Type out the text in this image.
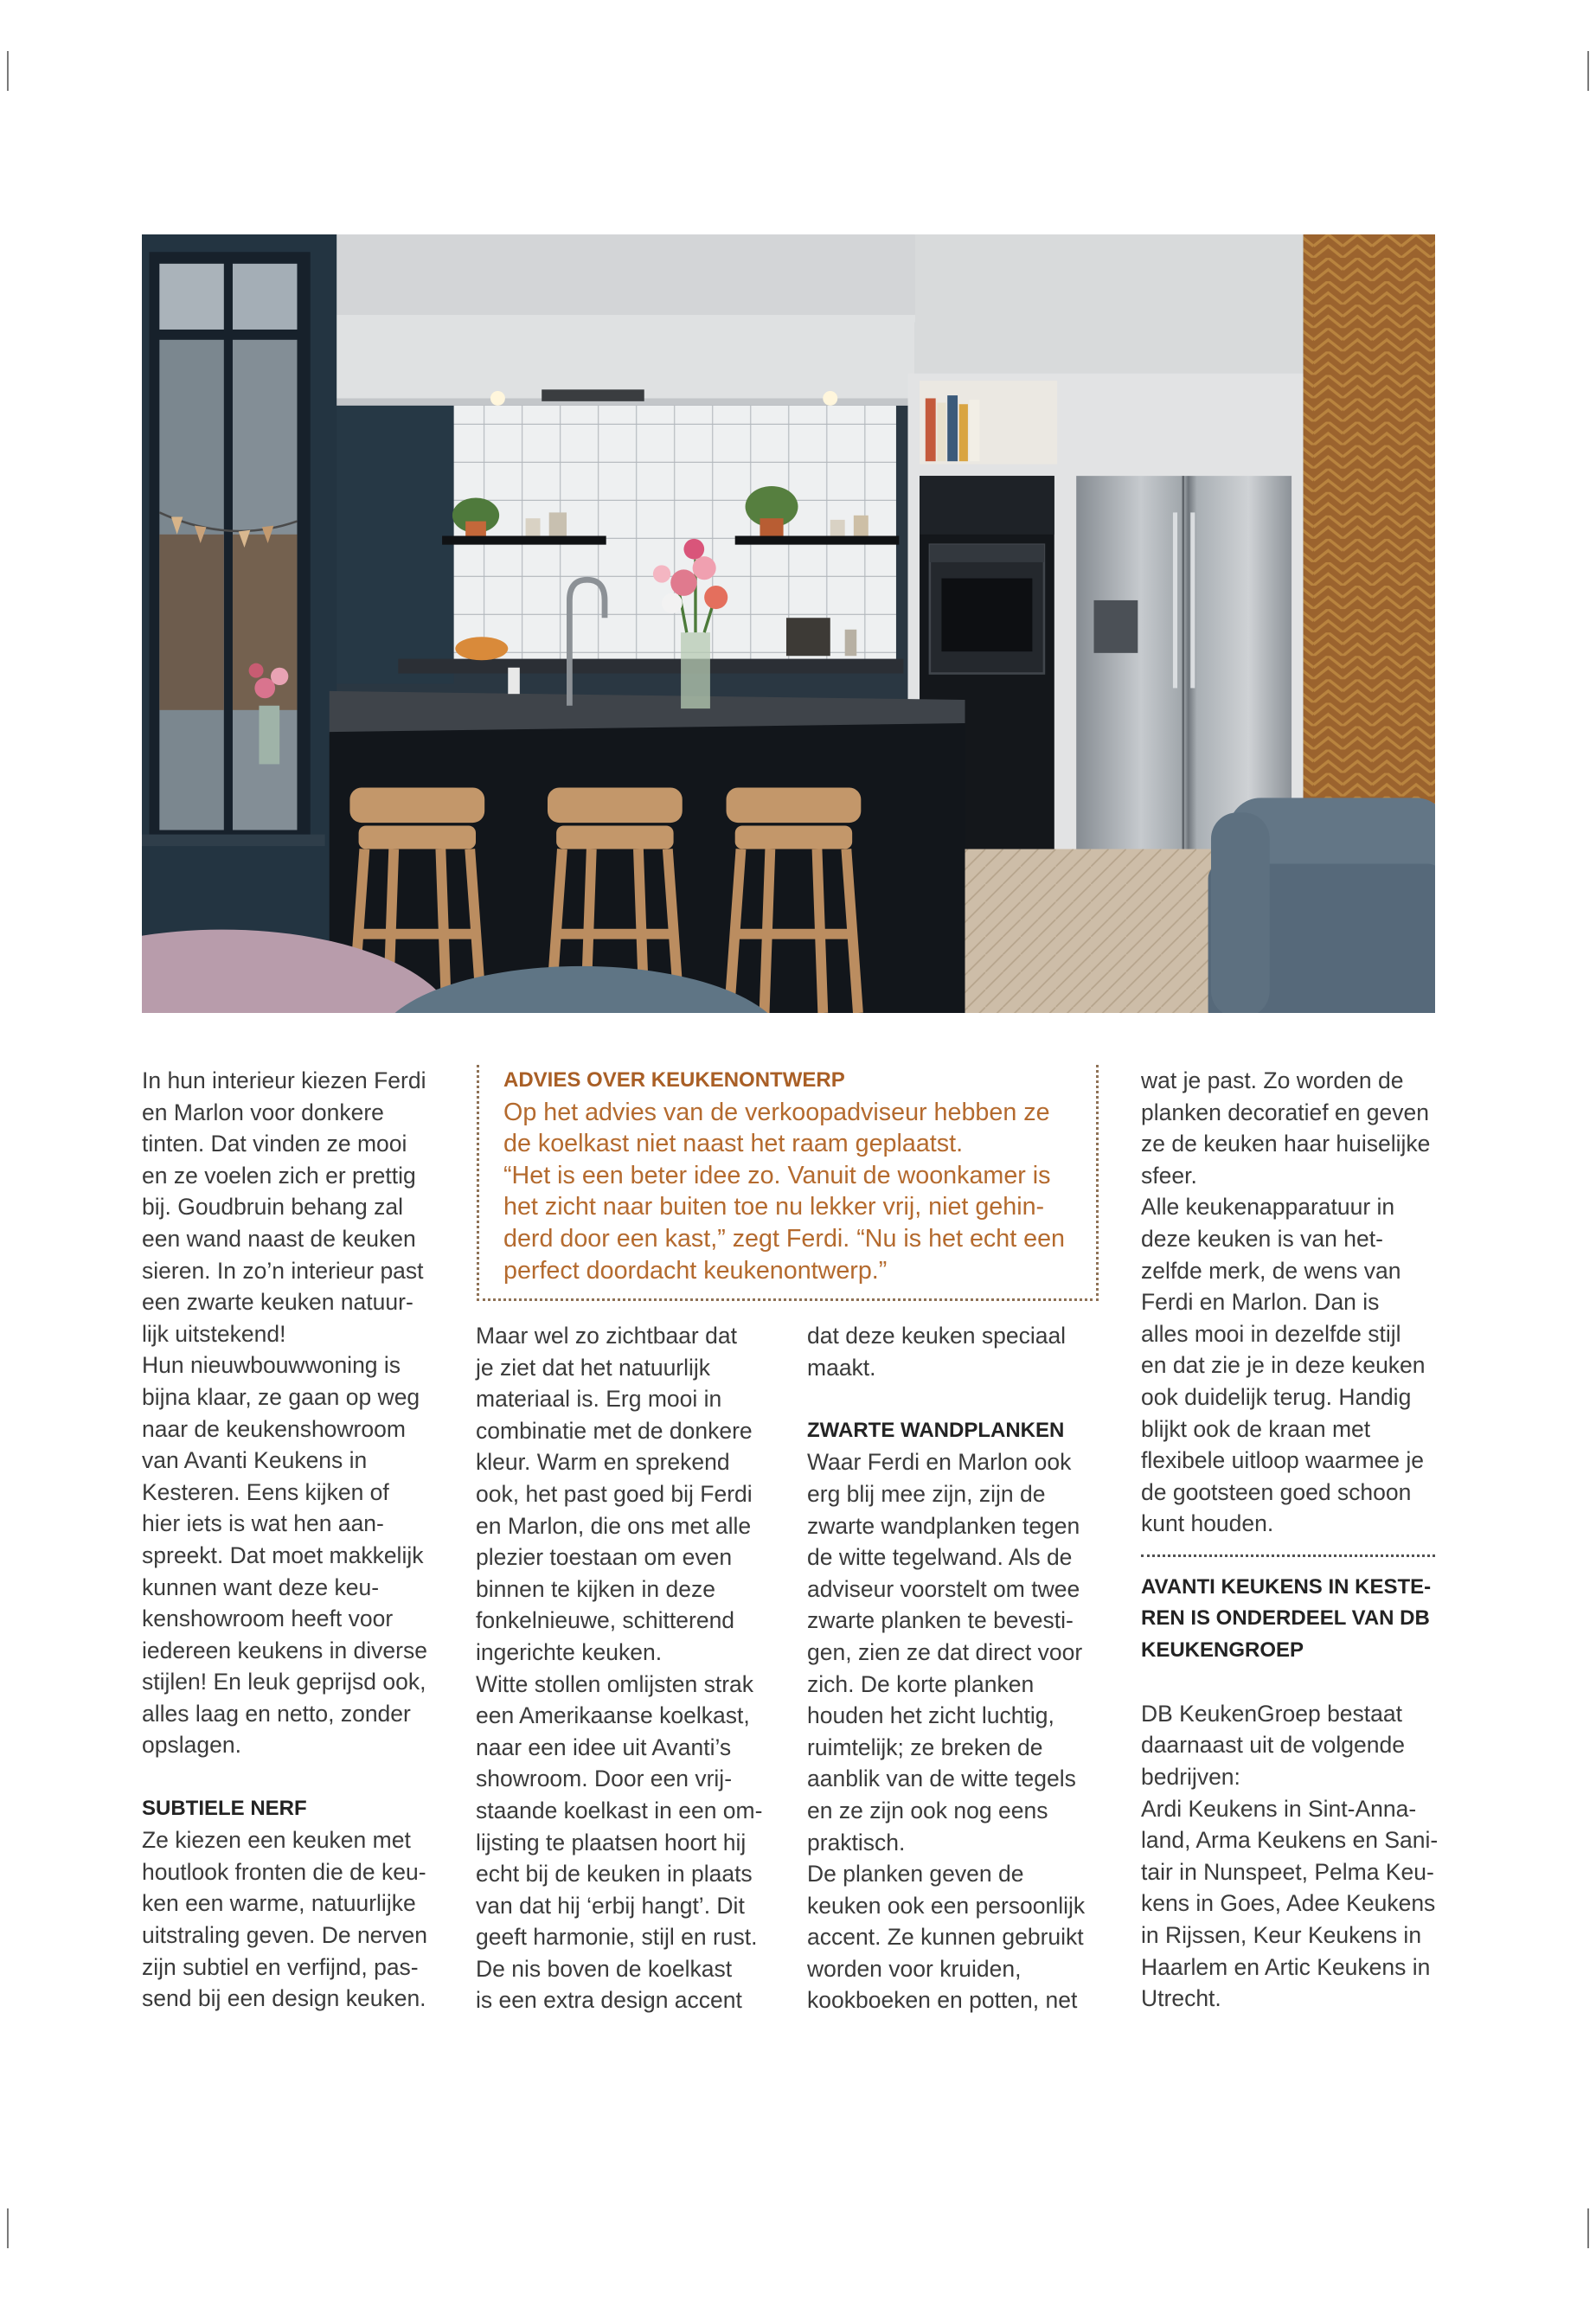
In hun interieur kiezen Ferdi
en Marlon voor donkere
tinten. Dat vinden ze mooi
en ze voelen zich er prettig
bij. Goudbruin behang zal
een wand naast de keuken
sieren. In zo’n interieur past
een zwarte keuken natuur-
lijk uitstekend!
Hun nieuwbouwwoning is
bijna klaar, ze gaan op weg
naar de keukenshowroom
van Avanti Keukens in
Kesteren. Eens kijken of
hier iets is wat hen aan-
spreekt. Dat moet makkelijk
kunnen want deze keu-
kenshowroom heeft voor
iedereen keukens in diverse
stijlen! En leuk geprijsd ook,
alles laag en netto, zonder
opslagen.
SUBTIELE NERF
Ze kiezen een keuken met
houtlook fronten die de keu-
ken een warme, natuurlijke
uitstraling geven. De nerven
zijn subtiel en verfijnd, pas-
send bij een design keuken.
ADVIES OVER KEUKENONTWERP
Op het advies van de verkoopadviseur hebben ze
de koelkast niet naast het raam geplaatst.
“Het is een beter idee zo. Vanuit de woonkamer is
het zicht naar buiten toe nu lekker vrij, niet gehin-
derd door een kast,” zegt Ferdi. “Nu is het echt een
perfect doordacht keukenontwerp.”
Maar wel zo zichtbaar dat
je ziet dat het natuurlijk
materiaal is. Erg mooi in
combinatie met de donkere
kleur. Warm en sprekend
ook, het past goed bij Ferdi
en Marlon, die ons met alle
plezier toestaan om even
binnen te kijken in deze
fonkelnieuwe, schitterend
ingerichte keuken.
Witte stollen omlijsten strak
een Amerikaanse koelkast,
naar een idee uit Avanti’s
showroom. Door een vrij-
staande koelkast in een om-
lijsting te plaatsen hoort hij
echt bij de keuken in plaats
van dat hij ‘erbij hangt’. Dit
geeft harmonie, stijl en rust.
De nis boven de koelkast
is een extra design accent
dat deze keuken speciaal
maakt.
ZWARTE WANDPLANKEN
Waar Ferdi en Marlon ook
erg blij mee zijn, zijn de
zwarte wandplanken tegen
de witte tegelwand. Als de
adviseur voorstelt om twee
zwarte planken te bevesti-
gen, zien ze dat direct voor
zich. De korte planken
houden het zicht luchtig,
ruimtelijk; ze breken de
aanblik van de witte tegels
en ze zijn ook nog eens
praktisch.
De planken geven de
keuken ook een persoonlijk
accent. Ze kunnen gebruikt
worden voor kruiden,
kookboeken en potten, net
wat je past. Zo worden de
planken decoratief en geven
ze de keuken haar huiselijke
sfeer.
Alle keukenapparatuur in
deze keuken is van het-
zelfde merk, de wens van
Ferdi en Marlon. Dan is
alles mooi in dezelfde stijl
en dat zie je in deze keuken
ook duidelijk terug. Handig
blijkt ook de kraan met
flexibele uitloop waarmee je
de gootsteen goed schoon
kunt houden.
AVANTI KEUKENS IN KESTE-
REN IS ONDERDEEL VAN DB
KEUKENGROEP
DB KeukenGroep bestaat
daarnaast uit de volgende
bedrijven:
Ardi Keukens in Sint-Anna-
land, Arma Keukens en Sani-
tair in Nunspeet, Pelma Keu-
kens in Goes, Adee Keukens
in Rijssen, Keur Keukens in
Haarlem en Artic Keukens in
Utrecht.
